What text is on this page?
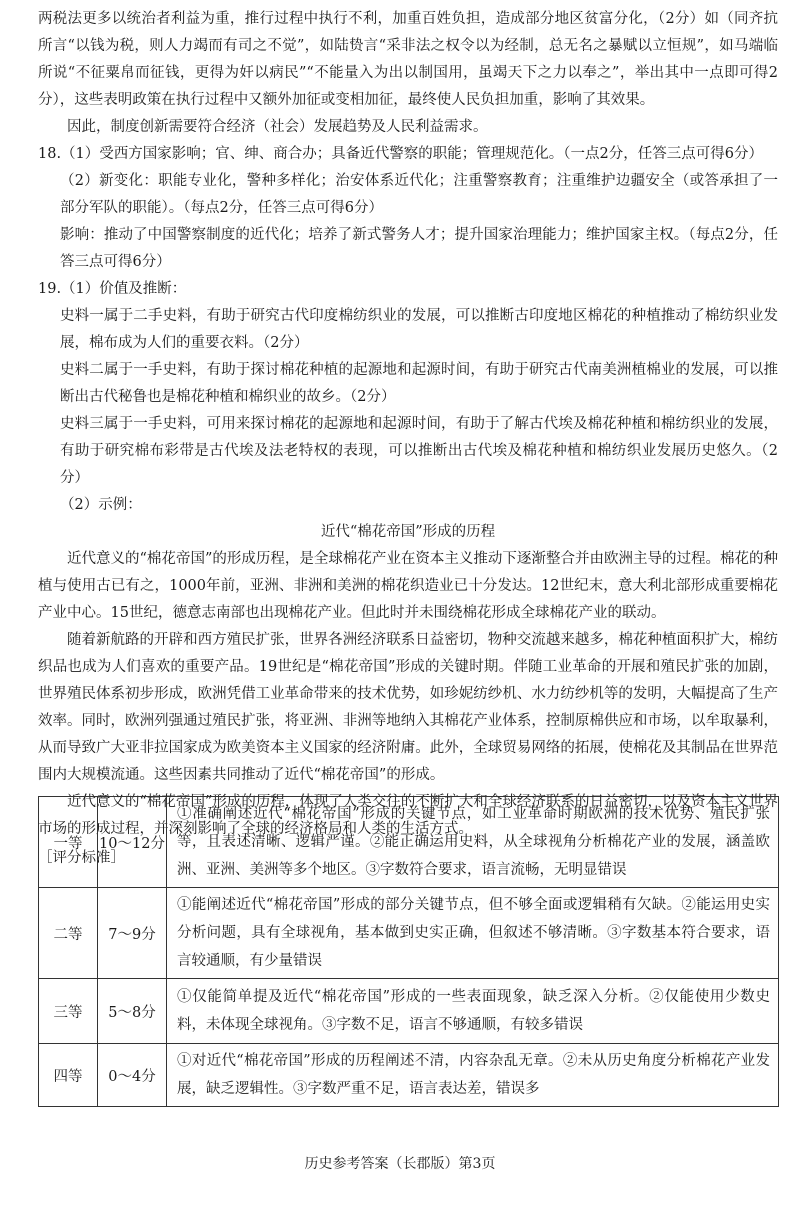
两税法更多以统治者利益为重，推行过程中执行不利，加重百姓负担，造成部分地区贫富分化，（2分）如（同齐抗所言“以钱为税，则人力竭而有司之不觉”，如陆贽言“采非法之权令以为经制，总无名之暴赋以立恒规”，如马端临所说“不征粟帛而征钱，更得为奸以病民”“不能量入为出以制国用，虽竭天下之力以奉之”，举出其中一点即可得2分），这些表明政策在执行过程中又额外加征或变相加征，最终使人民负担加重，影响了其效果。

因此，制度创新需要符合经济（社会）发展趋势及人民利益需求。

18.（1）受西方国家影响；官、绅、商合办；具备近代警察的职能；管理规范化。（一点2分，任答三点可得6分）

（2）新变化：职能专业化，警种多样化；治安体系近代化；注重警察教育；注重维护边疆安全（或答承担了一部分军队的职能）。（每点2分，任答三点可得6分）

影响：推动了中国警察制度的近代化；培养了新式警务人才；提升国家治理能力；维护国家主权。（每点2分，任答三点可得6分）

19.（1）价值及推断：

史料一属于二手史料，有助于研究古代印度棉纺织业的发展，可以推断古印度地区棉花的种植推动了棉纺织业发展，棉布成为人们的重要衣料。（2分）

史料二属于一手史料，有助于探讨棉花种植的起源地和起源时间，有助于研究古代南美洲植棉业的发展，可以推断出古代秘鲁也是棉花种植和棉织业的故乡。（2分）

史料三属于一手史料，可用来探讨棉花的起源地和起源时间，有助于了解古代埃及棉花种植和棉纺织业的发展，有助于研究棉布彩带是古代埃及法老特权的表现，可以推断出古代埃及棉花种植和棉纺织业发展历史悠久。（2分）

（2）示例：

近代“棉花帝国”形成的历程

近代意义的“棉花帝国”的形成历程，是全球棉花产业在资本主义推动下逐渐整合并由欧洲主导的过程。棉花的种植与使用古已有之，1000年前，亚洲、非洲和美洲的棉花织造业已十分发达。12世纪末，意大利北部形成重要棉花产业中心。15世纪，德意志南部也出现棉花产业。但此时并未围绕棉花形成全球棉花产业的联动。

随着新航路的开辟和西方殖民扩张，世界各洲经济联系日益密切，物种交流越来越多，棉花种植面积扩大，棉纺织品也成为人们喜欢的重要产品。19世纪是“棉花帝国”形成的关键时期。伴随工业革命的开展和殖民扩张的加剧，世界殖民体系初步形成，欧洲凭借工业革命带来的技术优势，如珍妮纺纱机、水力纺纱机等的发明，大幅提高了生产效率。同时，欧洲列强通过殖民扩张，将亚洲、非洲等地纳入其棉花产业体系，控制原棉供应和市场，以牟取暴利，从而导致广大亚非拉国家成为欧美资本主义国家的经济附庸。此外，全球贸易网络的拓展，使棉花及其制品在世界范围内大规模流通。这些因素共同推动了近代“棉花帝国”的形成。

近代意义的“棉花帝国”形成的历程，体现了人类交往的不断扩大和全球经济联系的日益密切，以及资本主义世界市场的形成过程，并深刻影响了全球的经济格局和人类的生活方式。

［评分标准］

一等	10～12分	①准确阐述近代“棉花帝国”形成的关键节点，如工业革命时期欧洲的技术优势、殖民扩张等，且表述清晰、逻辑严谨。②能正确运用史料，从全球视角分析棉花产业的发展，涵盖欧洲、亚洲、美洲等多个地区。③字数符合要求，语言流畅，无明显错误
二等	7～9分	①能阐述近代“棉花帝国”形成的部分关键节点，但不够全面或逻辑稍有欠缺。②能运用史实分析问题，具有全球视角，基本做到史实正确，但叙述不够清晰。③字数基本符合要求，语言较通顺，有少量错误
三等	5～8分	①仅能简单提及近代“棉花帝国”形成的一些表面现象，缺乏深入分析。②仅能使用少数史料，未体现全球视角。③字数不足，语言不够通顺，有较多错误
四等	0～4分	①对近代“棉花帝国”形成的历程阐述不清，内容杂乱无章。②未从历史角度分析棉花产业发展，缺乏逻辑性。③字数严重不足，语言表达差，错误多
历史参考答案（长郡版）第3页
